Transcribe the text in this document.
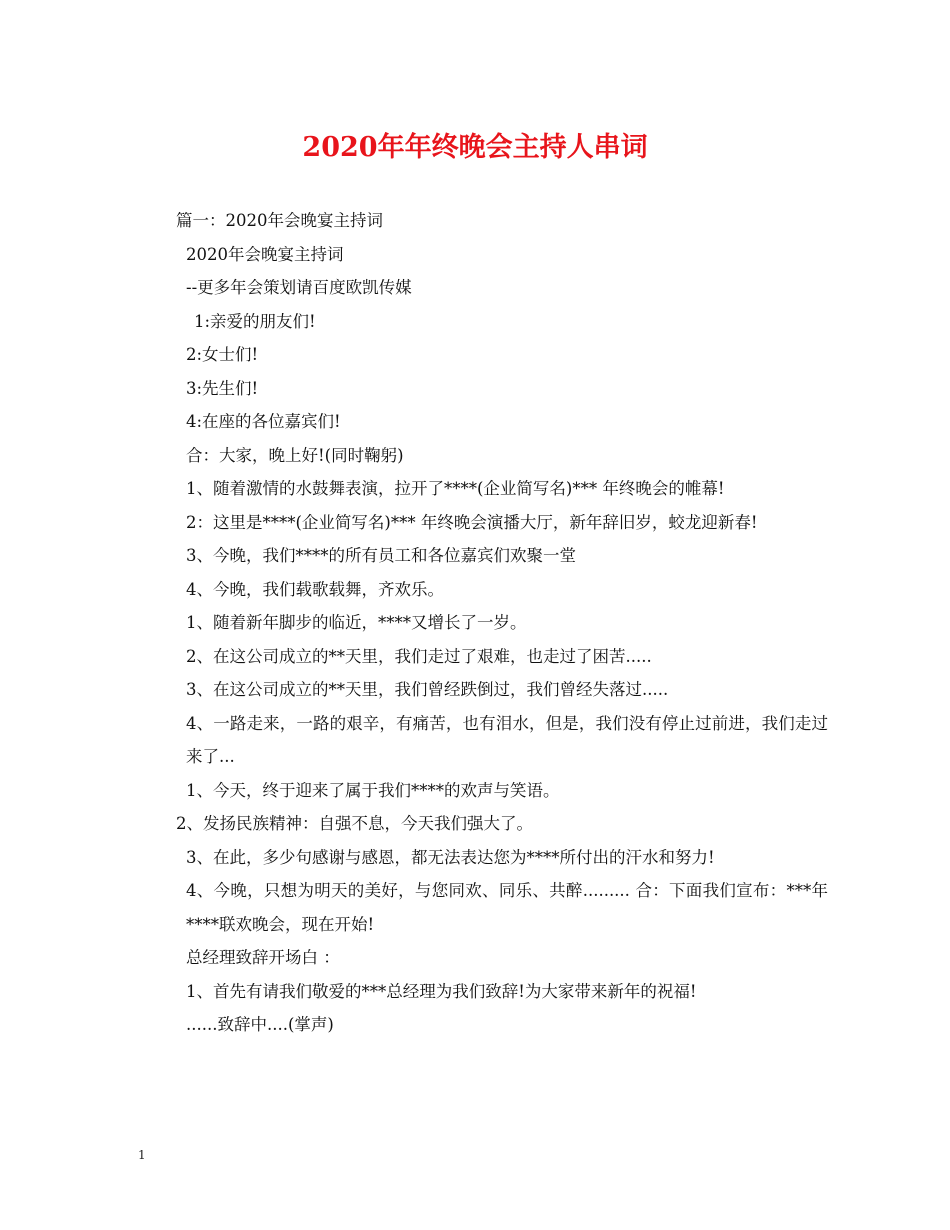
2020年年终晚会主持人串词

篇一：2020年会晚宴主持词

2020年会晚宴主持词

--更多年会策划请百度欧凯传媒

1:亲爱的朋友们!

2:女士们!

3:先生们!

4:在座的各位嘉宾们!

合：大家，晚上好!(同时鞠躬)

1、随着激情的水鼓舞表演，拉开了****(企业简写名)*** 年终晚会的帷幕!

2：这里是****(企业简写名)*** 年终晚会演播大厅，新年辞旧岁，蛟龙迎新春!

3、今晚，我们****的所有员工和各位嘉宾们欢聚一堂

4、今晚，我们载歌载舞，齐欢乐。

1、随着新年脚步的临近，****又增长了一岁。

2、在这公司成立的**天里，我们走过了艰难，也走过了困苦.....

3、在这公司成立的**天里，我们曾经跌倒过，我们曾经失落过.....

4、一路走来，一路的艰辛，有痛苦，也有泪水，但是，我们没有停止过前进，我们走过来了...

1、今天，终于迎来了属于我们****的欢声与笑语。

2、发扬民族精神：自强不息，今天我们强大了。

3、在此，多少句感谢与感恩，都无法表达您为****所付出的汗水和努力!

4、今晚，只想为明天的美好，与您同欢、同乐、共醉......... 合：下面我们宣布：***年****联欢晚会，现在开始!

总经理致辞开场白 ：

1、首先有请我们敬爱的***总经理为我们致辞!为大家带来新年的祝福!

......致辞中....(掌声)

1
